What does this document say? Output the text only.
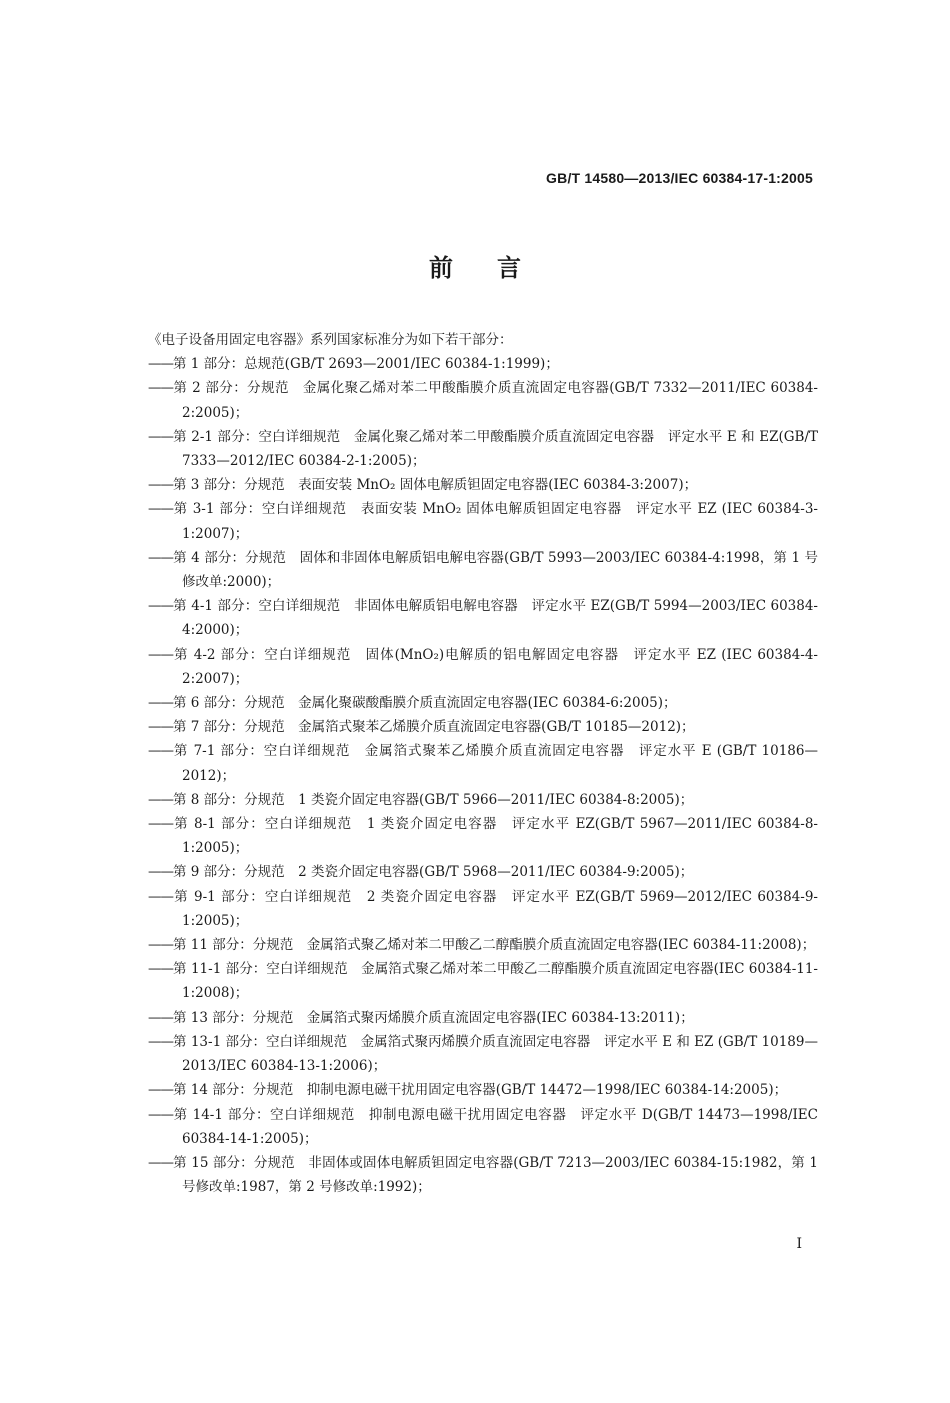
GB/T 14580—2013/IEC 60384-17-1:2005
前言
《电子设备用固定电容器》系列国家标准分为如下若干部分：
——第 1 部分：总规范(GB/T 2693—2001/IEC 60384-1:1999)；
——第 2 部分：分规范　金属化聚乙烯对苯二甲酸酯膜介质直流固定电容器(GB/T 7332—2011/IEC 60384-2:2005)；
——第 2-1 部分：空白详细规范　金属化聚乙烯对苯二甲酸酯膜介质直流固定电容器　评定水平 E 和 EZ(GB/T 7333—2012/IEC 60384-2-1:2005)；
——第 3 部分：分规范　表面安装 MnO₂ 固体电解质钽固定电容器(IEC 60384-3:2007)；
——第 3-1 部分：空白详细规范　表面安装 MnO₂ 固体电解质钽固定电容器　评定水平 EZ (IEC 60384-3-1:2007)；
——第 4 部分：分规范　固体和非固体电解质铝电解电容器(GB/T 5993—2003/IEC 60384-4:1998，第 1 号修改单:2000)；
——第 4-1 部分：空白详细规范　非固体电解质铝电解电容器　评定水平 EZ(GB/T 5994—2003/IEC 60384-4:2000)；
——第 4-2 部分：空白详细规范　固体(MnO₂)电解质的铝电解固定电容器　评定水平 EZ (IEC 60384-4-2:2007)；
——第 6 部分：分规范　金属化聚碳酸酯膜介质直流固定电容器(IEC 60384-6:2005)；
——第 7 部分：分规范　金属箔式聚苯乙烯膜介质直流固定电容器(GB/T 10185—2012)；
——第 7-1 部分：空白详细规范　金属箔式聚苯乙烯膜介质直流固定电容器　评定水平 E (GB/T 10186—2012)；
——第 8 部分：分规范　1 类瓷介固定电容器(GB/T 5966—2011/IEC 60384-8:2005)；
——第 8-1 部分：空白详细规范　1 类瓷介固定电容器　评定水平 EZ(GB/T 5967—2011/IEC 60384-8-1:2005)；
——第 9 部分：分规范　2 类瓷介固定电容器(GB/T 5968—2011/IEC 60384-9:2005)；
——第 9-1 部分：空白详细规范　2 类瓷介固定电容器　评定水平 EZ(GB/T 5969—2012/IEC 60384-9-1:2005)；
——第 11 部分：分规范　金属箔式聚乙烯对苯二甲酸乙二醇酯膜介质直流固定电容器(IEC 60384-11:2008)；
——第 11-1 部分：空白详细规范　金属箔式聚乙烯对苯二甲酸乙二醇酯膜介质直流固定电容器(IEC 60384-11-1:2008)；
——第 13 部分：分规范　金属箔式聚丙烯膜介质直流固定电容器(IEC 60384-13:2011)；
——第 13-1 部分：空白详细规范　金属箔式聚丙烯膜介质直流固定电容器　评定水平 E 和 EZ (GB/T 10189—2013/IEC 60384-13-1:2006)；
——第 14 部分：分规范　抑制电源电磁干扰用固定电容器(GB/T 14472—1998/IEC 60384-14:2005)；
——第 14-1 部分：空白详细规范　抑制电源电磁干扰用固定电容器　评定水平 D(GB/T 14473—1998/IEC 60384-14-1:2005)；
——第 15 部分：分规范　非固体或固体电解质钽固定电容器(GB/T 7213—2003/IEC 60384-15:1982，第 1 号修改单:1987，第 2 号修改单:1992)；
I
